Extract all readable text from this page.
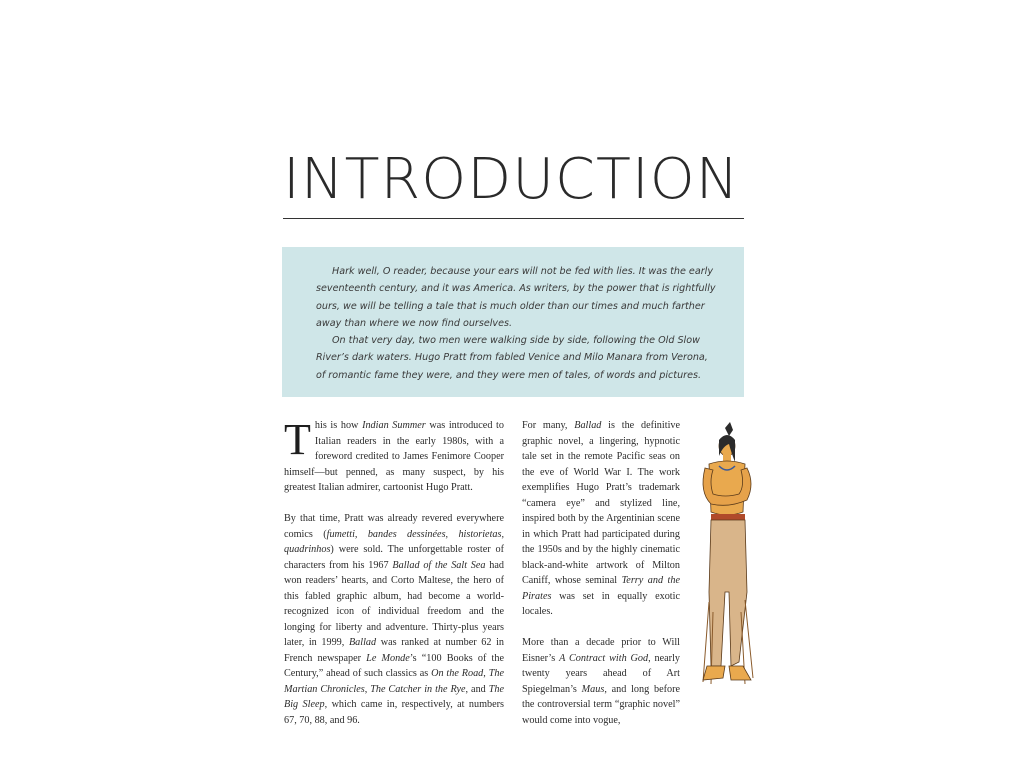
INTRODUCTION

Hark well, O reader, because your ears will not be fed with lies. It was the early seventeenth century, and it was America. As writers, by the power that is rightfully ours, we will be telling a tale that is much older than our times and much farther away than where we now find ourselves.

On that very day, two men were walking side by side, following the Old Slow River’s dark waters. Hugo Pratt from fabled Venice and Milo Manara from Verona, of romantic fame they were, and they were men of tales, of words and pictures.

This is how Indian Summer was introduced to Italian readers in the early 1980s, with a foreword credited to James Fenimore Cooper himself—but penned, as many suspect, by his greatest Italian admirer, cartoonist Hugo Pratt.

By that time, Pratt was already revered everywhere comics (fumetti, bandes dessinées, historietas, quadrinhos) were sold. The unforgettable roster of characters from his 1967 Ballad of the Salt Sea had won readers’ hearts, and Corto Maltese, the hero of this fabled graphic album, had become a world-recognized icon of individual freedom and the longing for liberty and adventure. Thirty-plus years later, in 1999, Ballad was ranked at number 62 in French newspaper Le Monde’s “100 Books of the Century,” ahead of such classics as On the Road, The Martian Chronicles, The Catcher in the Rye, and The Big Sleep, which came in, respectively, at numbers 67, 70, 88, and 96.

For many, Ballad is the definitive graphic novel, a lingering, hypnotic tale set in the remote Pacific seas on the eve of World War I. The work exemplifies Hugo Pratt’s trademark “camera eye” and stylized line, inspired both by the Argentinian scene in which Pratt had participated during the 1950s and by the highly cinematic black-and-white artwork of Milton Caniff, whose seminal Terry and the Pirates was set in equally exotic locales.

More than a decade prior to Will Eisner’s A Contract with God, nearly twenty years ahead of Art Spiegelman’s Maus, and long before the controversial term “graphic novel” would come into vogue,
